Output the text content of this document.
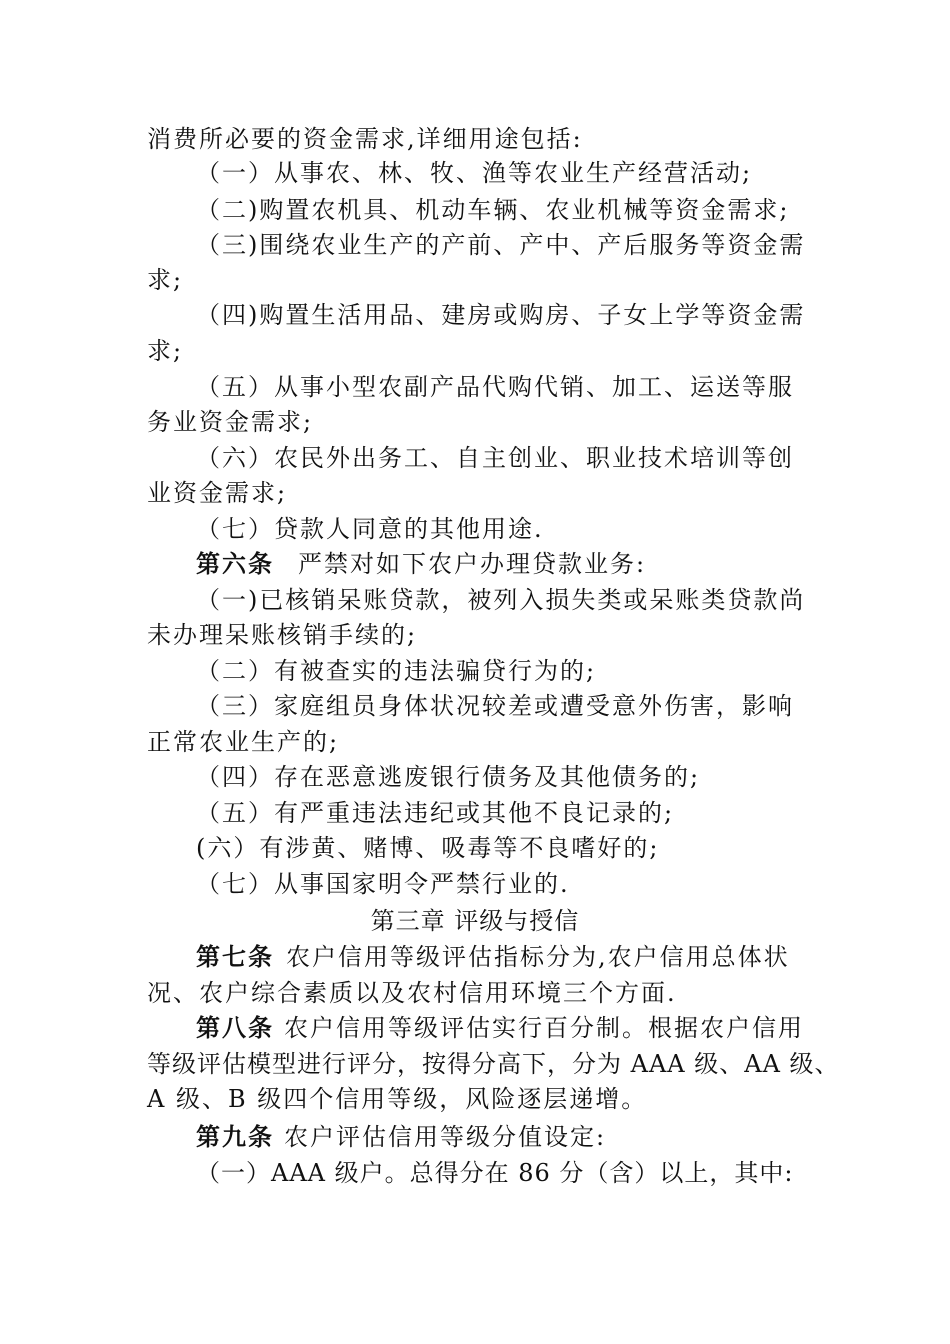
消费所必要的资金需求,详细用途包括:

（一）从事农、林、牧、渔等农业生产经营活动;

（二)购置农机具、机动车辆、农业机械等资金需求;

（三)围绕农业生产的产前、产中、产后服务等资金需

求;

（四)购置生活用品、建房或购房、子女上学等资金需

求;

（五）从事小型农副产品代购代销、加工、运送等服

务业资金需求;

（六）农民外出务工、自主创业、职业技术培训等创

业资金需求;

（七）贷款人同意的其他用途.

第六条 严禁对如下农户办理贷款业务:

（一)已核销呆账贷款，被列入损失类或呆账类贷款尚

未办理呆账核销手续的;

（二）有被查实的违法骗贷行为的;

（三）家庭组员身体状况较差或遭受意外伤害，影响

正常农业生产的;

（四）存在恶意逃废银行债务及其他债务的;

（五）有严重违法违纪或其他不良记录的;

(六）有涉黄、赌博、吸毒等不良嗜好的;

（七）从事国家明令严禁行业的.

第三章 评级与授信

第七条 农户信用等级评估指标分为,农户信用总体状

况、农户综合素质以及农村信用环境三个方面.

第八条 农户信用等级评估实行百分制。根据农户信用

等级评估模型进行评分，按得分高下，分为 AAA 级、AA 级、

A 级、B 级四个信用等级，风险逐层递增。

第九条 农户评估信用等级分值设定:

（一）AAA 级户。总得分在 86 分（含）以上，其中:
